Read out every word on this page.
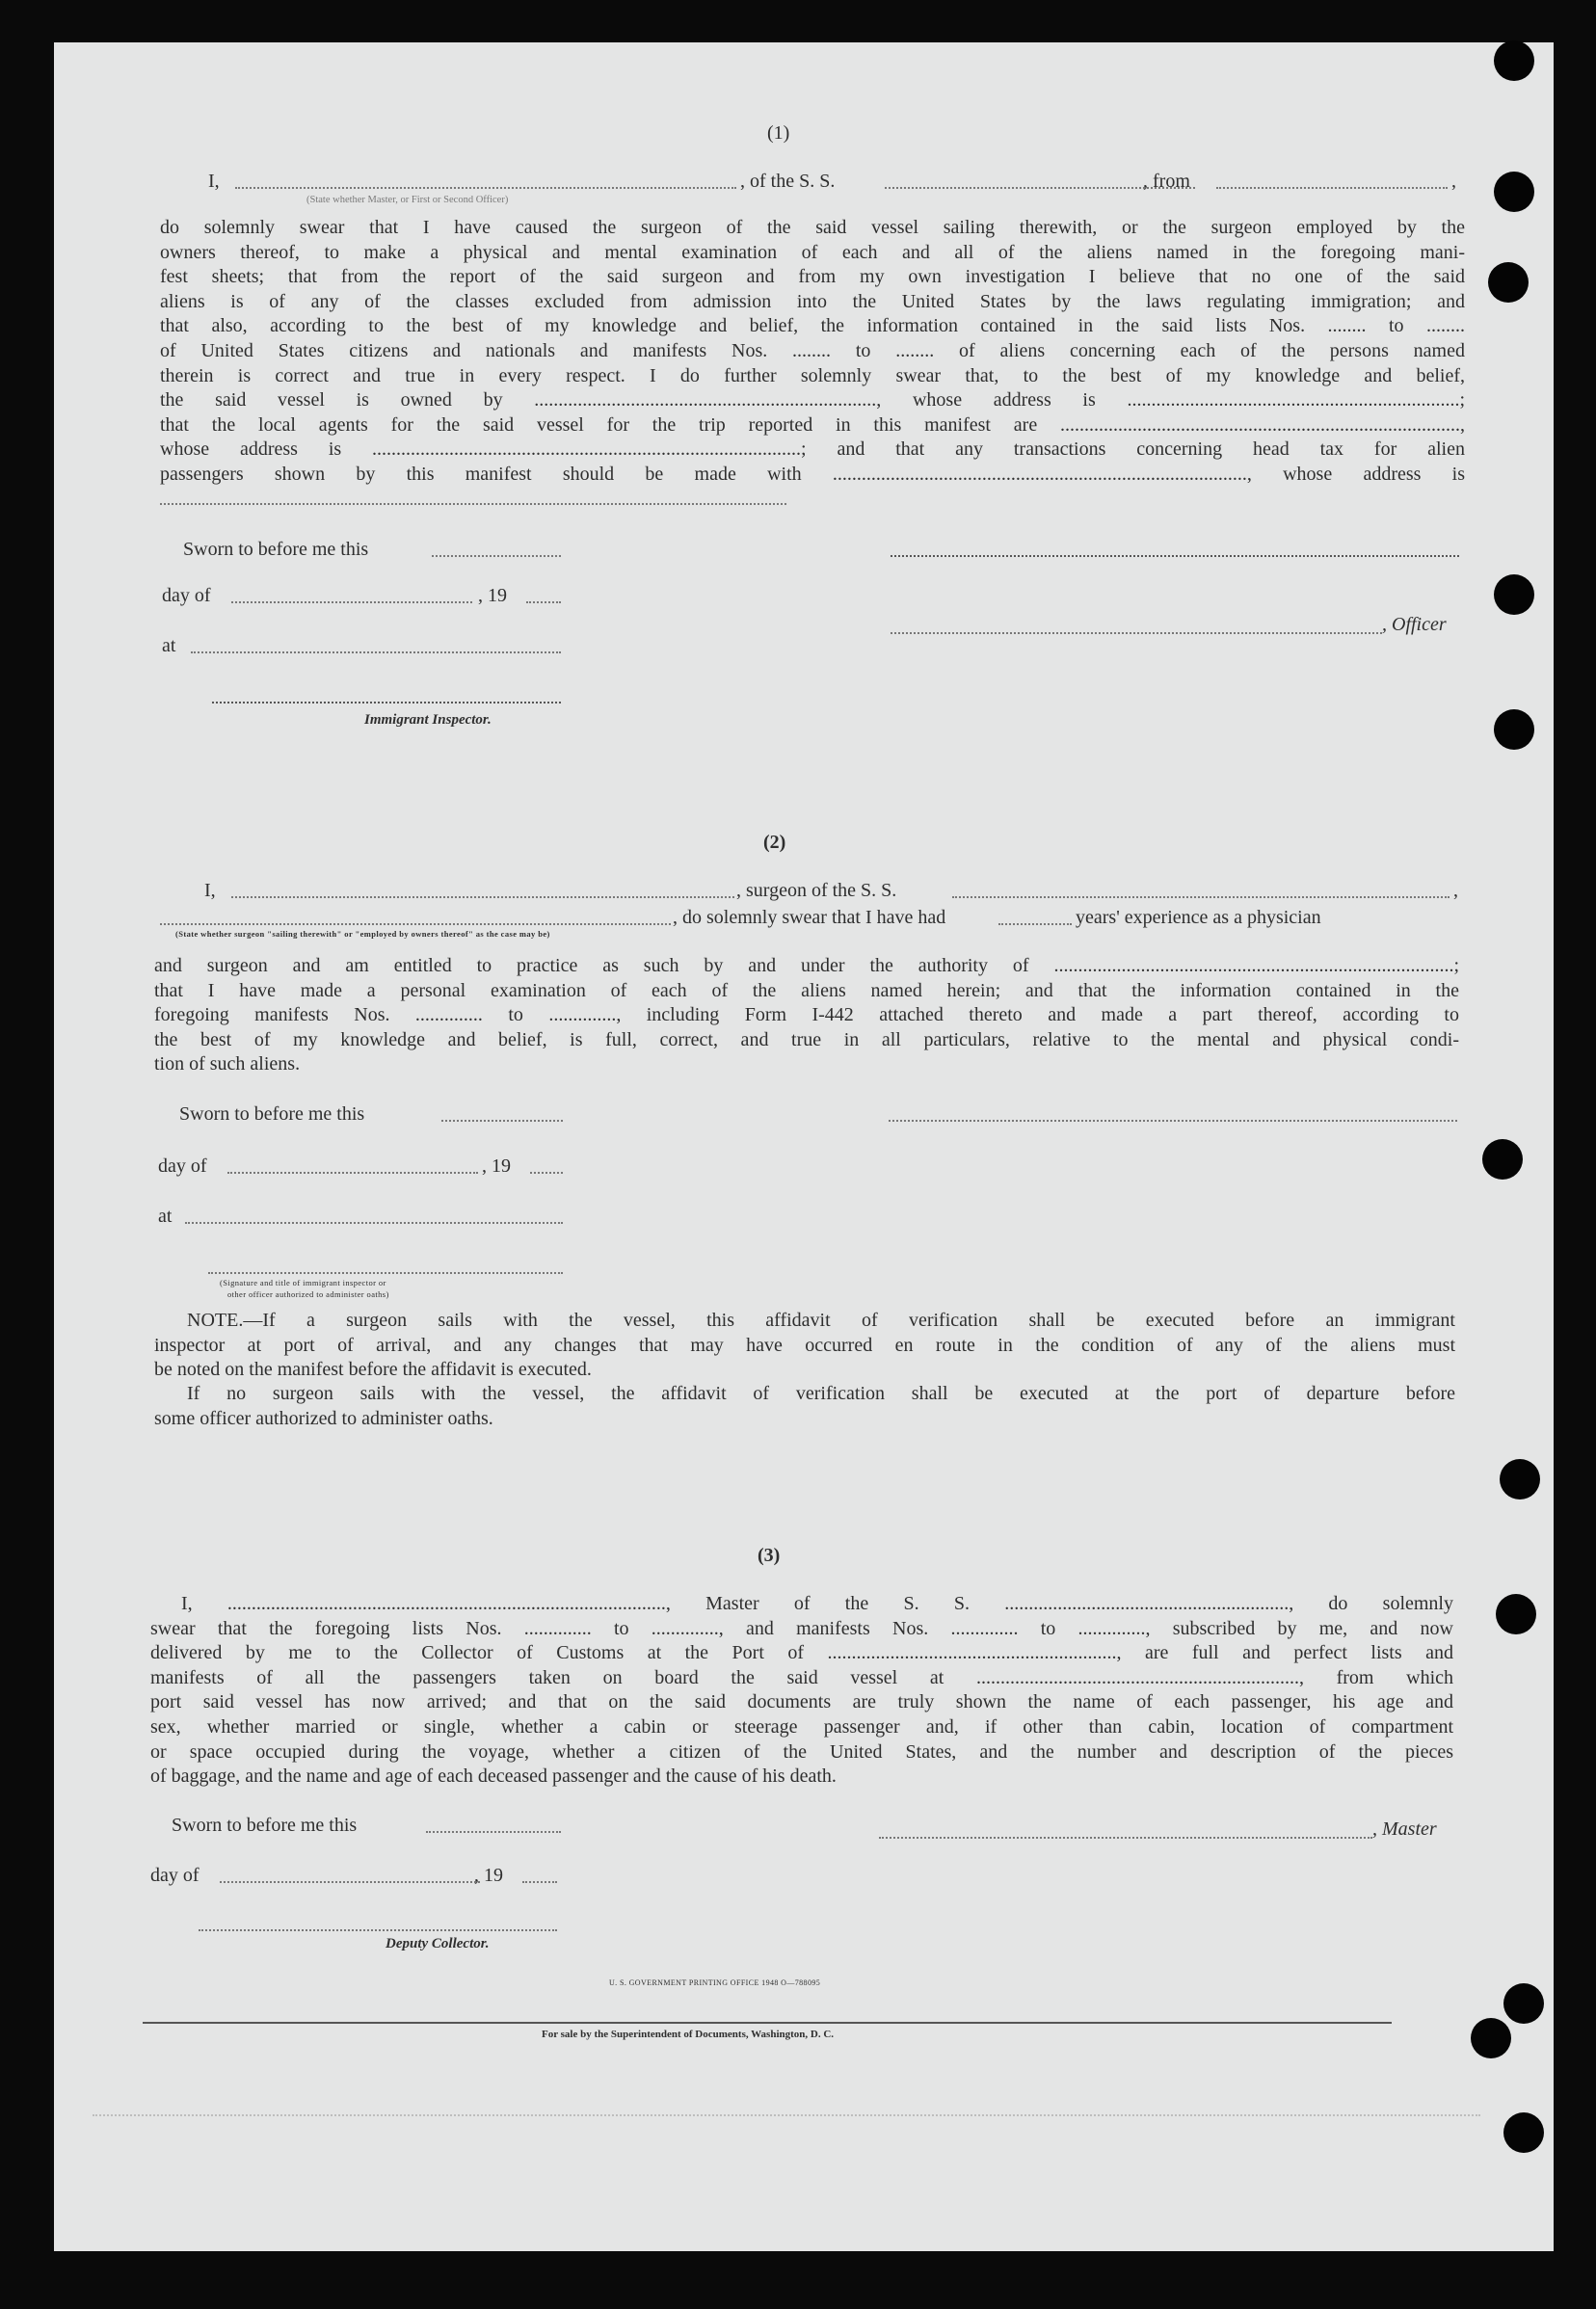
(1)
I,
(State whether Master, or First or Second Officer)
, of the S. S.	, from	,
do solemnly swear that I have caused the surgeon of the said vessel sailing therewith, or the surgeon employed by the
owners thereof, to make a physical and mental examination of each and all of the aliens named in the foregoing mani-
fest sheets; that from the report of the said surgeon and from my own investigation I believe that no one of the said
aliens is of any of the classes excluded from admission into the United States by the laws regulating immigration; and
that also, according to the best of my knowledge and belief, the information contained in the said lists Nos. ........ to ........
of United States citizens and nationals and manifests Nos. ........ to ........ of aliens concerning each of the persons named
therein is correct and true in every respect. I do further solemnly swear that, to the best of my knowledge and belief,
the said vessel is owned by ......................................................................., whose address is .....................................................................;
that the local agents for the said vessel for the trip reported in this manifest are ...................................................................................,
whose address is .........................................................................................; and that any transactions concerning head tax for alien
passengers shown by this manifest should be made with ......................................................................................, whose address is
Sworn to before me this
day of	, 19
, Officer
at
Immigrant Inspector.
(2)
I,	, surgeon of the S. S.	,
, do solemnly swear that I have had	years' experience as a physician
(State whether surgeon "sailing therewith" or "employed by owners thereof" as the case may be)
and surgeon and am entitled to practice as such by and under the authority of ...................................................................................;
that I have made a personal examination of each of the aliens named herein; and that the information contained in the
foregoing manifests Nos. .............. to .............., including Form I-442 attached thereto and made a part thereof, according to
the best of my knowledge and belief, is full, correct, and true in all particulars, relative to the mental and physical condi-
tion of such aliens.
Sworn to before me this
day of	, 19
at
(Signature and title of immigrant inspector or
other officer authorized to administer oaths)
NOTE.—If a surgeon sails with the vessel, this affidavit of verification shall be executed before an immigrant
inspector at port of arrival, and any changes that may have occurred en route in the condition of any of the aliens must
be noted on the manifest before the affidavit is executed.
If no surgeon sails with the vessel, the affidavit of verification shall be executed at the port of departure before
some officer authorized to administer oaths.
(3)
I, ..........................................................................................., Master of the S. S. ..........................................................., do solemnly
swear that the foregoing lists Nos. .............. to .............., and manifests Nos. .............. to .............., subscribed by me, and now
delivered by me to the Collector of Customs at the Port of ............................................................, are full and perfect lists and
manifests of all the passengers taken on board the said vessel at ..................................................................., from which
port said vessel has now arrived; and that on the said documents are truly shown the name of each passenger, his age and
sex, whether married or single, whether a cabin or steerage passenger and, if other than cabin, location of compartment
or space occupied during the voyage, whether a citizen of the United States, and the number and description of the pieces
of baggage, and the name and age of each deceased passenger and the cause of his death.
Sworn to before me this	, Master
day of	, 19
Deputy Collector.
U. S. GOVERNMENT PRINTING OFFICE 1948 O—788095
For sale by the Superintendent of Documents, Washington, D. C.
